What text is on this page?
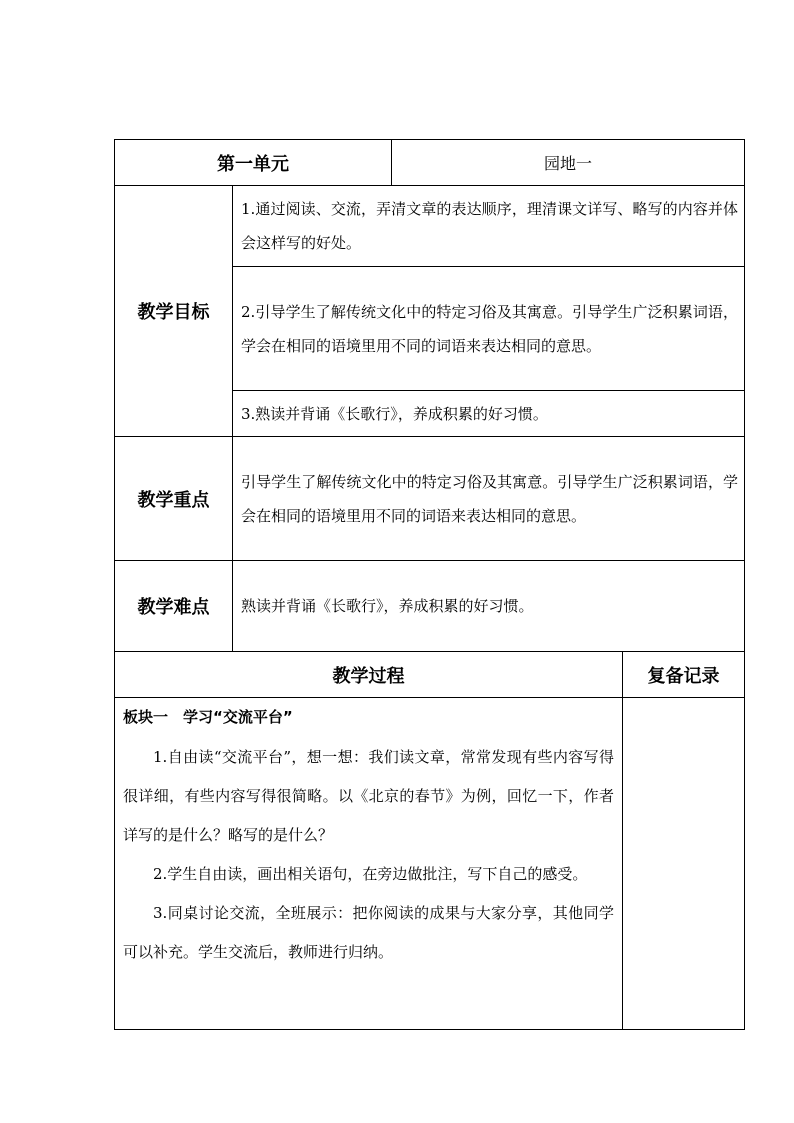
第一单元		园地一	
教学目标	1.通过阅读、交流，弄清文章的表达顺序，理清课文详写、略写的内容并体会这样写的好处。		
	2.引导学生了解传统文化中的特定习俗及其寓意。引导学生广泛积累词语，学会在相同的语境里用不同的词语来表达相同的意思。		
	3.熟读并背诵《长歌行》，养成积累的好习惯。		
教学重点	引导学生了解传统文化中的特定习俗及其寓意。引导学生广泛积累词语，学会在相同的语境里用不同的词语来表达相同的意思。		
教学难点	熟读并背诵《长歌行》，养成积累的好习惯。		
教学过程			复备记录

板块一　学习“交流平台”

1.自由读“交流平台”，想一想：我们读文章，常常发现有些内容写得很详细，有些内容写得很简略。以《北京的春节》为例，回忆一下，作者详写的是什么？略写的是什么？

2.学生自由读，画出相关语句，在旁边做批注，写下自己的感受。

3.同桌讨论交流，全班展示：把你阅读的成果与大家分享，其他同学可以补充。学生交流后，教师进行归纳。			
